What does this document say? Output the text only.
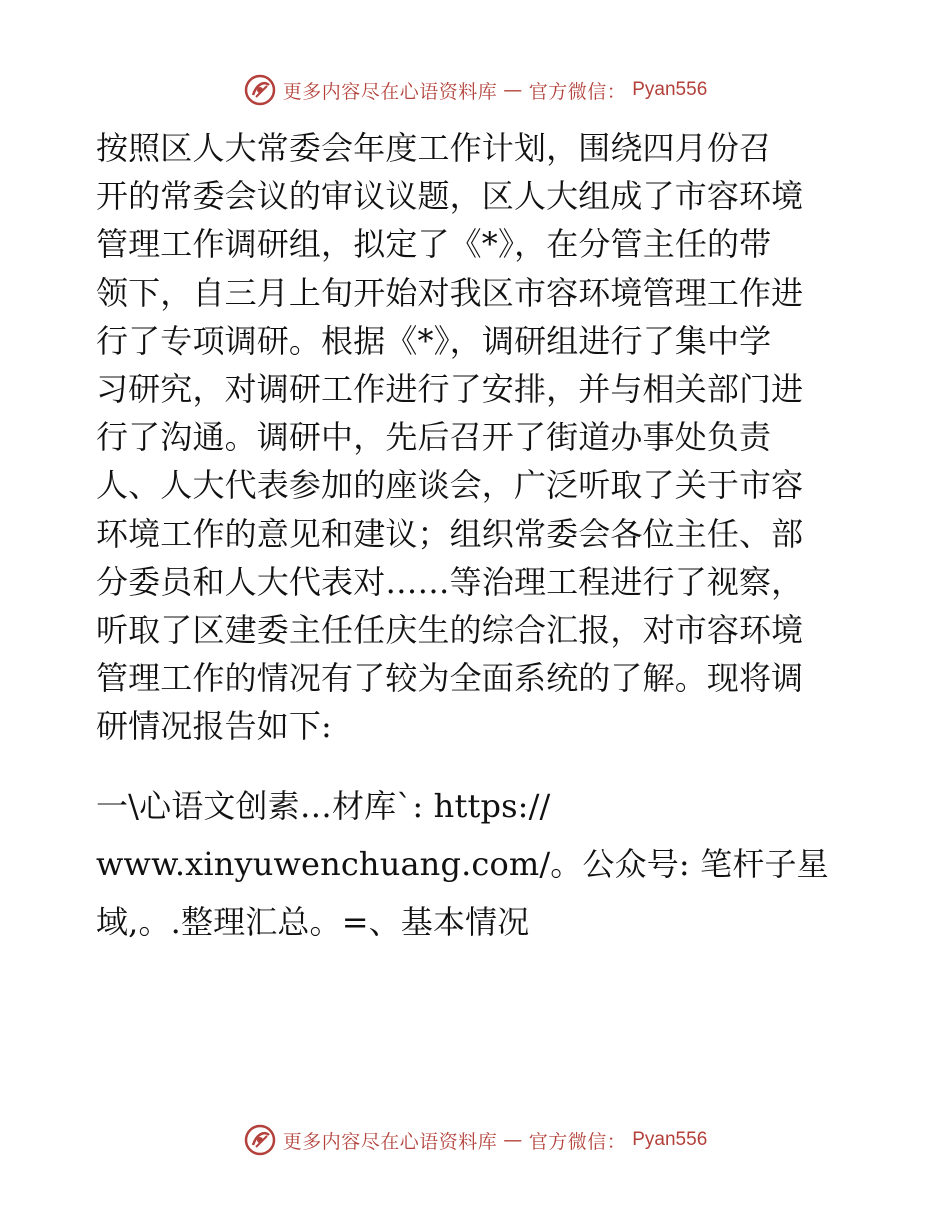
更多内容尽在心语资料库 — 官方微信： Pyan556
按照区人大常委会年度工作计划，围绕四月份召
开的常委会议的审议议题，区人大组成了市容环境
管理工作调研组，拟定了《*》，在分管主任的带
领下，自三月上旬开始对我区市容环境管理工作进
行了专项调研。根据《*》，调研组进行了集中学
习研究，对调研工作进行了安排，并与相关部门进
行了沟通。调研中，先后召开了街道办事处负责
人、人大代表参加的座谈会，广泛听取了关于市容
环境工作的意见和建议；组织常委会各位主任、部
分委员和人大代表对……等治理工程进行了视察，
听取了区建委主任任庆生的综合汇报，对市容环境
管理工作的情况有了较为全面系统的了解。现将调
研情况报告如下:
一\心语文创素…材库`: https://
www.xinyuwenchuang.com/。公众号: 笔杆子星
域,。.整理汇总。=、基本情况
更多内容尽在心语资料库 — 官方微信： Pyan556
